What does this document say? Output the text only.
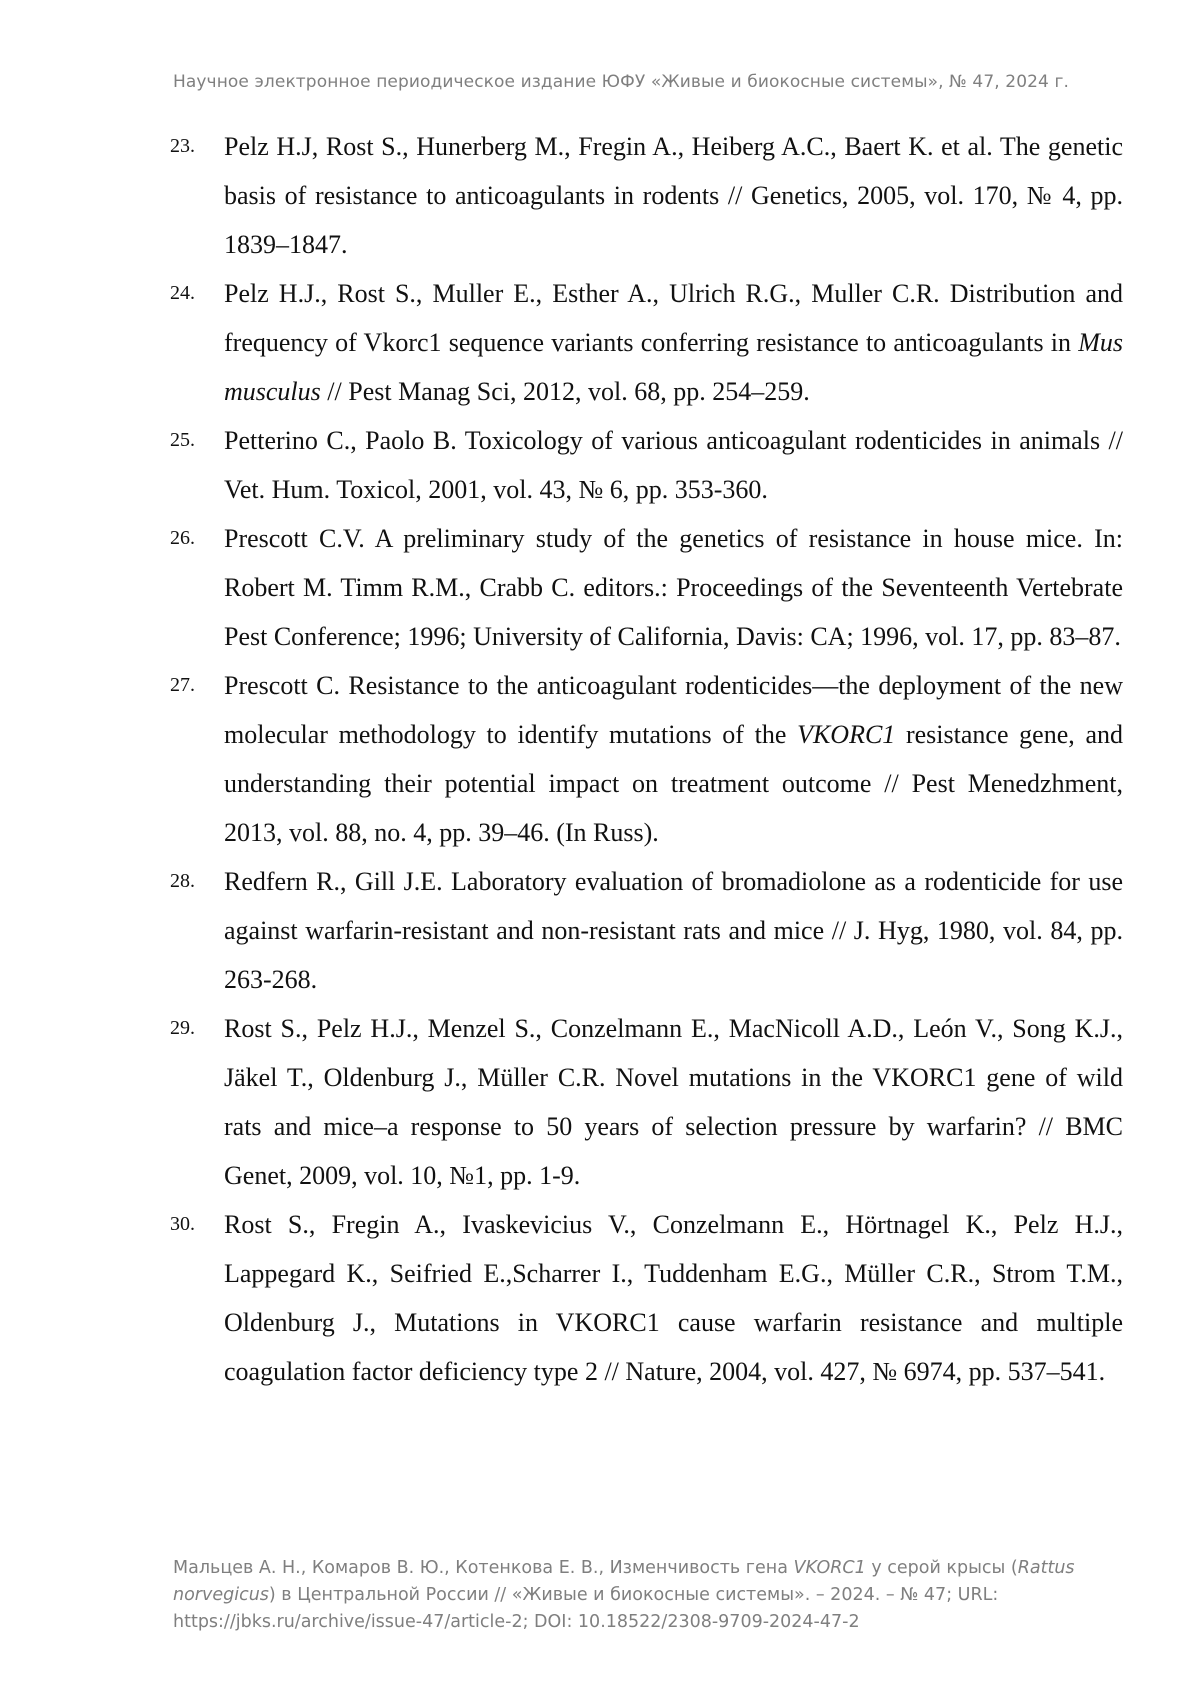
Научное электронное периодическое издание ЮФУ «Живые и биокосные системы», № 47, 2024 г.
23. Pelz H.J, Rost S., Hunerberg M., Fregin A., Heiberg A.C., Baert K. et al. The genetic basis of resistance to anticoagulants in rodents // Genetics, 2005, vol. 170, № 4, pp. 1839–1847.
24. Pelz H.J., Rost S., Muller E., Esther A., Ulrich R.G., Muller C.R. Distribution and frequency of Vkorc1 sequence variants conferring resistance to anticoagulants in Mus musculus // Pest Manag Sci, 2012, vol. 68, pp. 254–259.
25. Petterino C., Paolo B. Toxicology of various anticoagulant rodenticides in animals // Vet. Hum. Toxicol, 2001, vol. 43, № 6, pp. 353-360.
26. Prescott C.V. A preliminary study of the genetics of resistance in house mice. In: Robert M. Timm R.M., Crabb C. editors.: Proceedings of the Seventeenth Vertebrate Pest Conference; 1996; University of California, Davis: CA; 1996, vol. 17, pp. 83–87.
27. Prescott C. Resistance to the anticoagulant rodenticides—the deployment of the new molecular methodology to identify mutations of the VKORC1 resistance gene, and understanding their potential impact on treatment outcome // Pest Menedzhment, 2013, vol. 88, no. 4, pp. 39–46. (In Russ).
28. Redfern R., Gill J.E. Laboratory evaluation of bromadiolone as a rodenticide for use against warfarin-resistant and non-resistant rats and mice // J. Hyg, 1980, vol. 84, pp. 263-268.
29. Rost S., Pelz H.J., Menzel S., Conzelmann E., MacNicoll A.D., León V., Song K.J., Jäkel T., Oldenburg J., Müller C.R. Novel mutations in the VKORC1 gene of wild rats and mice–a response to 50 years of selection pressure by warfarin? // BMC Genet, 2009, vol. 10, №1, pp. 1-9.
30. Rost S., Fregin A., Ivaskevicius V., Conzelmann E., Hörtnagel K., Pelz H.J., Lappegard K., Seifried E.,Scharrer I., Tuddenham E.G., Müller C.R., Strom T.M., Oldenburg J., Mutations in VKORC1 cause warfarin resistance and multiple coagulation factor deficiency type 2 // Nature, 2004, vol. 427, № 6974, pp. 537–541.
Мальцев А. Н., Комаров В. Ю., Котенкова Е. В., Изменчивость гена VKORC1 у серой крысы (Rattus norvegicus) в Центральной России // «Живые и биокосные системы». – 2024. – № 47; URL: https://jbks.ru/archive/issue-47/article-2; DOI: 10.18522/2308-9709-2024-47-2
